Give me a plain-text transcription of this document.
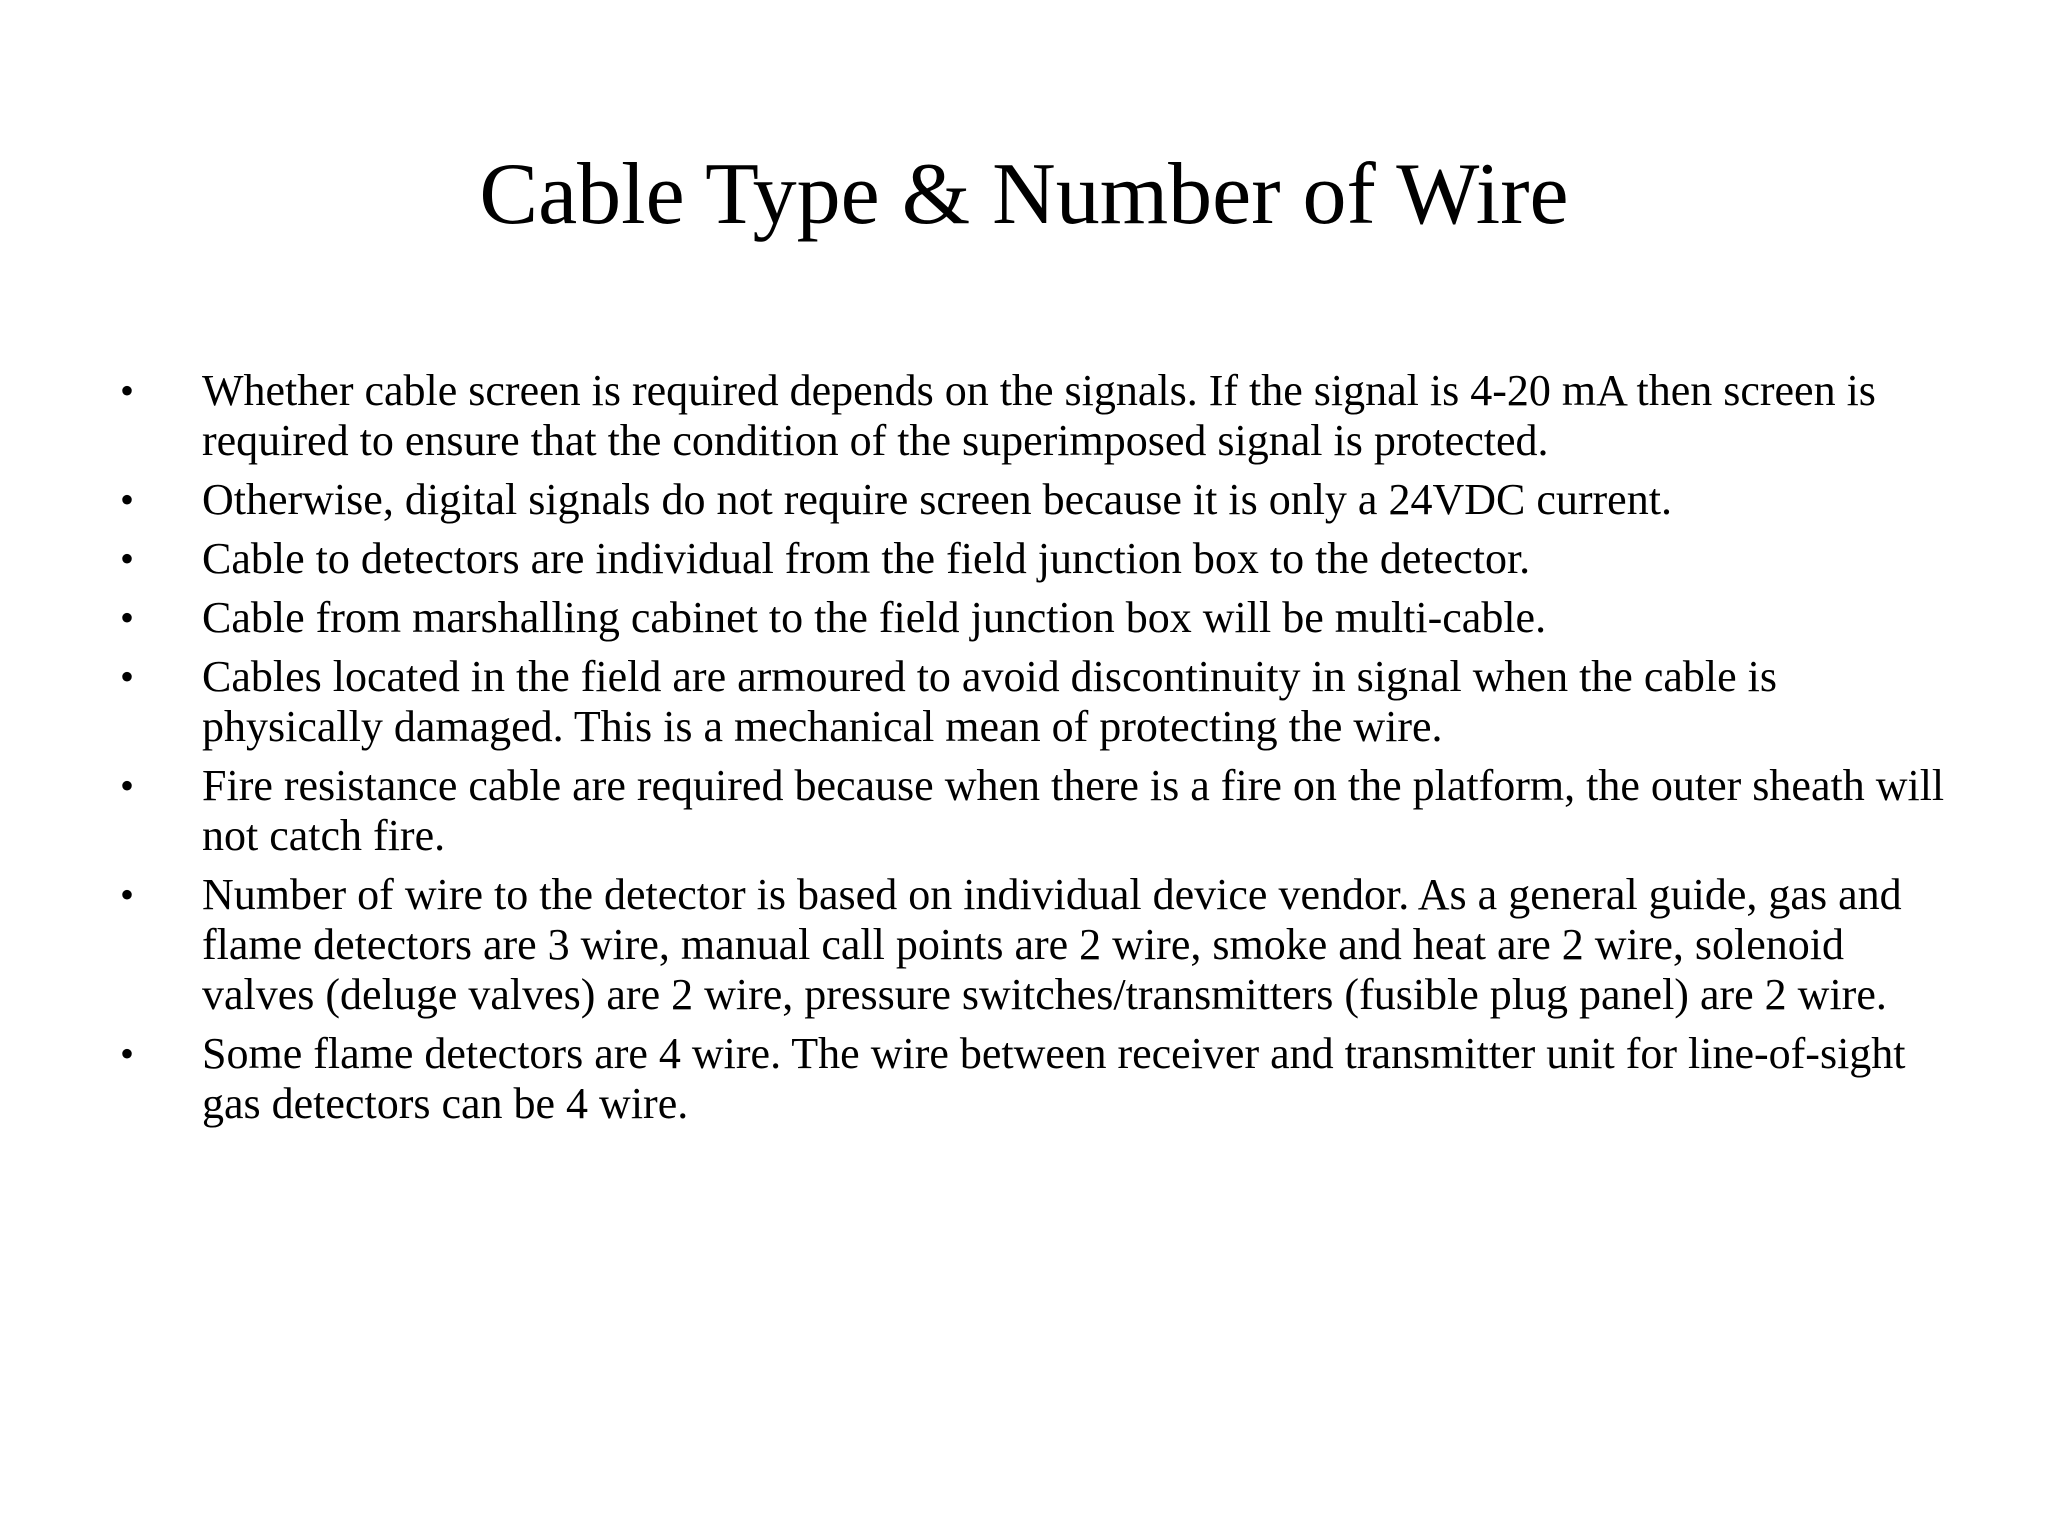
Cable Type & Number of Wire
•	Whether cable screen is required depends on the signals. If the signal is 4-20 mA then screen is required to ensure that the condition of the superimposed signal is protected.
•	Otherwise, digital signals do not require screen because it is only a 24VDC current.
•	Cable to detectors are individual from the field junction box to the detector.
•	Cable from marshalling cabinet to the field junction box will be multi-cable.
•	Cables located in the field are armoured to avoid discontinuity in signal when the cable is physically damaged. This is a mechanical mean of protecting the wire.
•	Fire resistance cable are required because when there is a fire on the platform, the outer sheath will not catch fire.
•	Number of wire to the detector is based on individual device vendor. As a general guide, gas and flame detectors are 3 wire, manual call points are 2 wire, smoke and heat are 2 wire, solenoid valves (deluge valves) are 2 wire, pressure switches/transmitters (fusible plug panel) are 2 wire.
•	Some flame detectors are 4 wire. The wire between receiver and transmitter unit for line-of-sight gas detectors can be 4 wire.
